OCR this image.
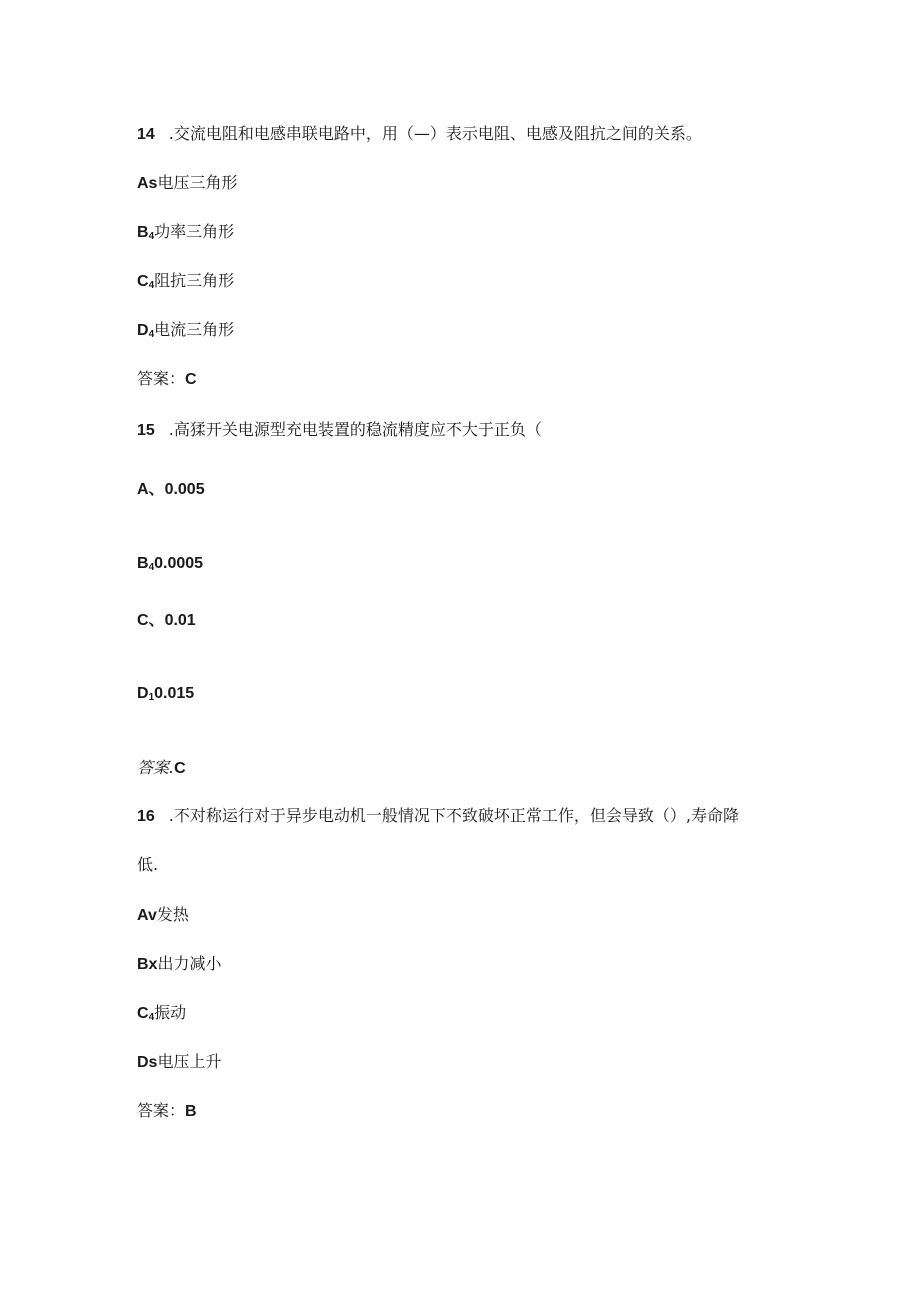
14 .交流电阻和电感串联电路中，用（—）表示电阻、电感及阻抗之间的关系。
As电压三角形
$B_4$功率三角形
$C_4$阻抗三角形
$D_4$电流三角形
答案：C
15 .高猱开关电源型充电装置的稳流精度应不大于正负（
A、0.005
$B_40.0005$
C、0.01
$D_10.015$
答案.C
16 .不对称运行对于异步电动机一般情况下不致破坏正常工作，但会导致（）,寿命降
低.
Av发热
Bx出力减小
$C_4$振动
Ds电压上升
答案：B
